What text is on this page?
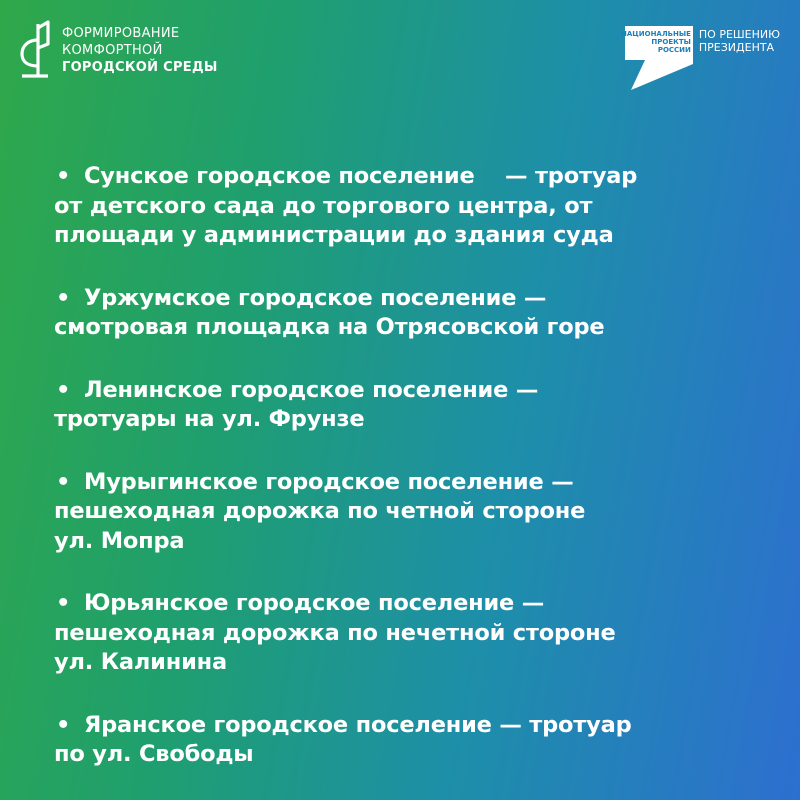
ФОРМИРОВАНИЕ
КОМФОРТНОЙ
ГОРОДСКОЙ СРЕДЫ
НАЦИОНАЛЬНЫЕ
ПРОЕКТЫ
РОССИИ
ПО РЕШЕНИЮ
ПРЕЗИДЕНТА
• Сунское городское поселение    — тротуар
от детского сада до торгового центра, от
площади у администрации до здания суда
• Уржумское городское поселение —
смотровая площадка на Отрясовской горе
• Ленинское городское поселение —
тротуары на ул. Фрунзе
• Мурыгинское городское поселение —
пешеходная дорожка по четной стороне
ул. Мопра
• Юрьянское городское поселение —
пешеходная дорожка по нечетной стороне
ул. Калинина
• Яранское городское поселение — тротуар
по ул. Свободы
